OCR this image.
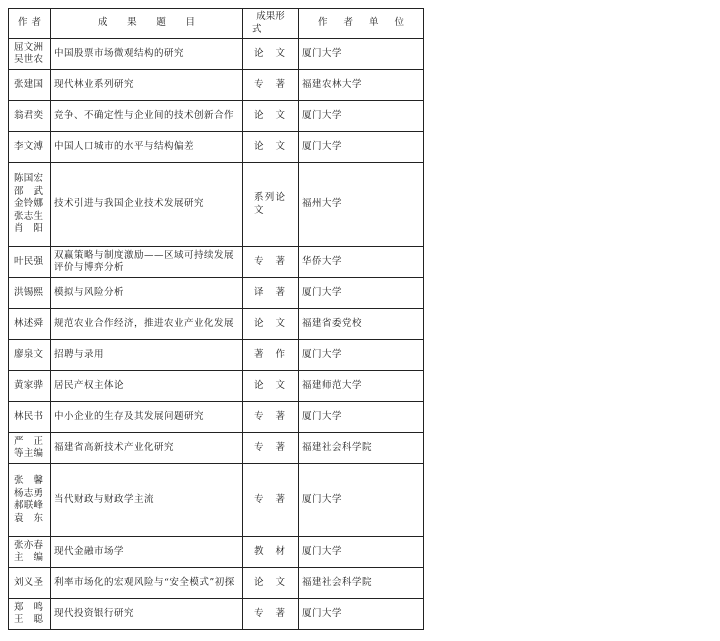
作者	成果题目	成果形式	作者单位

屈文洲
吴世农	中国股票市场微观结构的研究	论文	厦门大学

张建国	现代林业系列研究	专著	福建农林大学

翁君奕	竞争、不确定性与企业间的技术创新合作	论文	厦门大学

李文溥	中国人口城市的水平与结构偏差	论文	厦门大学

陈国宏
邵 武
金铃娜
张志生
肖 阳	技术引进与我国企业技术发展研究	系列论文	福州大学

叶民强	双赢策略与制度激励——区域可持续发展评价与博弈分析	专著	华侨大学

洪锡熙	模拟与风险分析	译著	厦门大学

林述舜	规范农业合作经济，推进农业产业化发展	论文	福建省委党校

廖泉文	招聘与录用	著作	厦门大学

黄家骅	居民产权主体论	论文	福建师范大学

林民书	中小企业的生存及其发展问题研究	专著	厦门大学

严 正
等主编	福建省高新技术产业化研究	专著	福建社会科学院

张 馨
杨志勇
郝联峰
袁 东	当代财政与财政学主流	专著	厦门大学

张亦春
主 编	现代金融市场学	教材	厦门大学

刘义圣	利率市场化的宏观风险与“安全模式”初探	论文	福建社会科学院

郑 鸣
王 聪	现代投资银行研究	专著	厦门大学
